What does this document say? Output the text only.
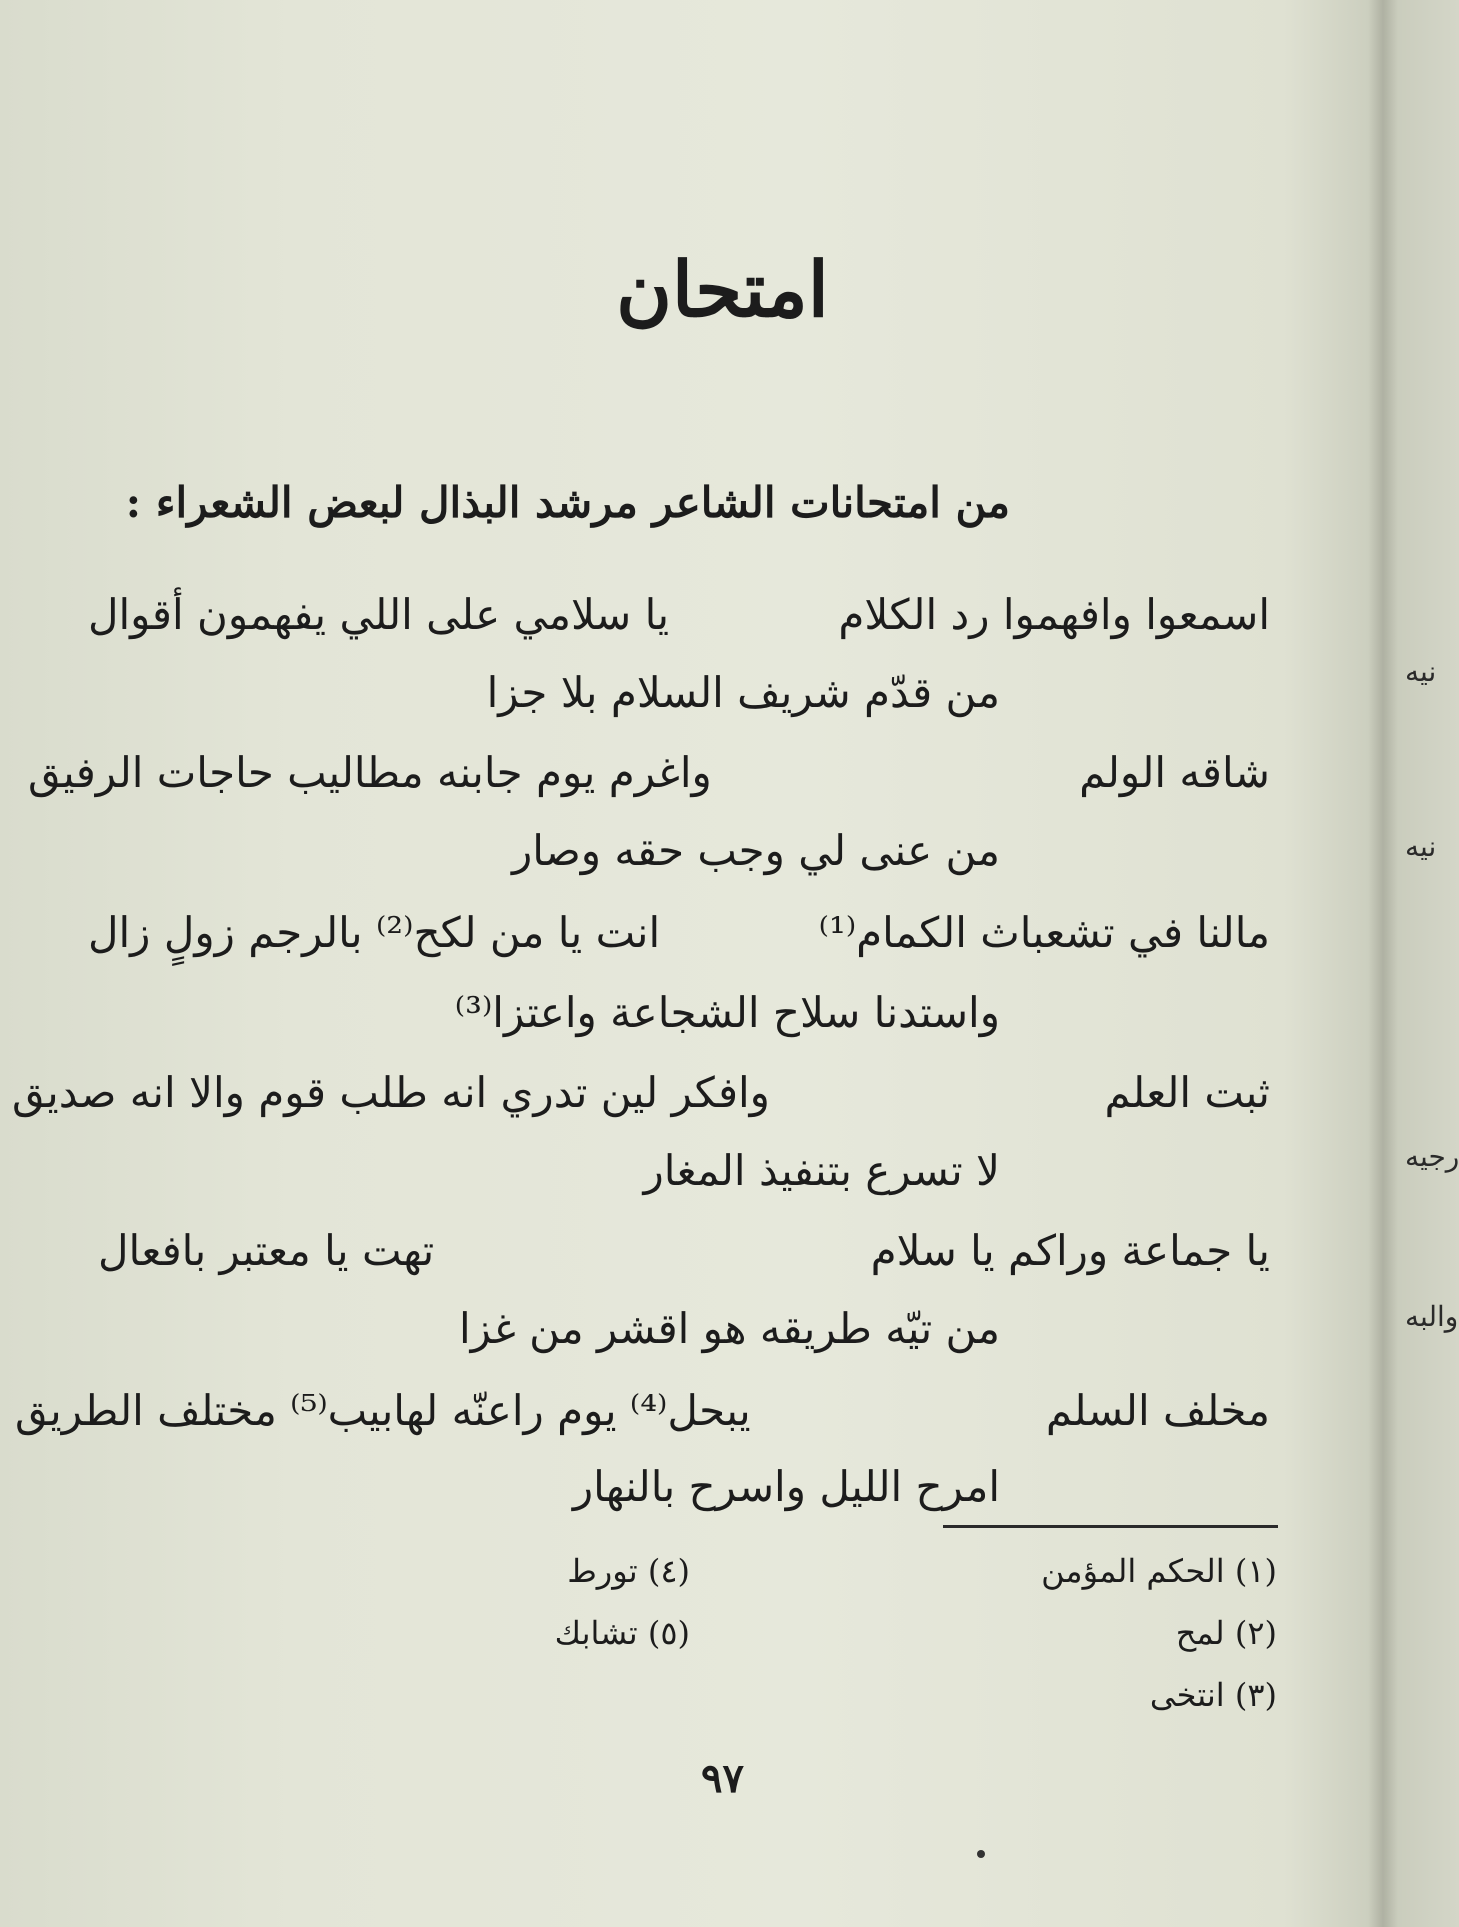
امتحان
من امتحانات الشاعر مرشد البذال لبعض الشعراء :
اسمعوا وافهموا رد الكلام
يا سلامي على اللي يفهمون أقوال
من قدّم شريف السلام بلا جزا
شاقه الولم
واغرم يوم جابنه مطاليب حاجات الرفيق
من عنى لي وجب حقه وصار
مالنا في تشعباث الكمام⁽¹⁾
انت يا من لكح⁽²⁾ بالرجم زولٍ زال
واستدنا سلاح الشجاعة واعتزا⁽³⁾
ثبت العلم
وافكر لين تدري انه طلب قوم والا انه صديق
لا تسرع بتنفيذ المغار
يا جماعة وراكم يا سلام
تهت يا معتبر بافعال
من تيّه طريقه هو اقشر من غزا
مخلف السلم
يبحل⁽⁴⁾ يوم راعنّه لهابيب⁽⁵⁾ مختلف الطريق
امرح الليل واسرح بالنهار
(١) الحكم المؤمن
(٢) لمح
(٣) انتخى
(٤) تورط
(٥) تشابك
٩٧
نيه
نيه
رجيه
والبه
